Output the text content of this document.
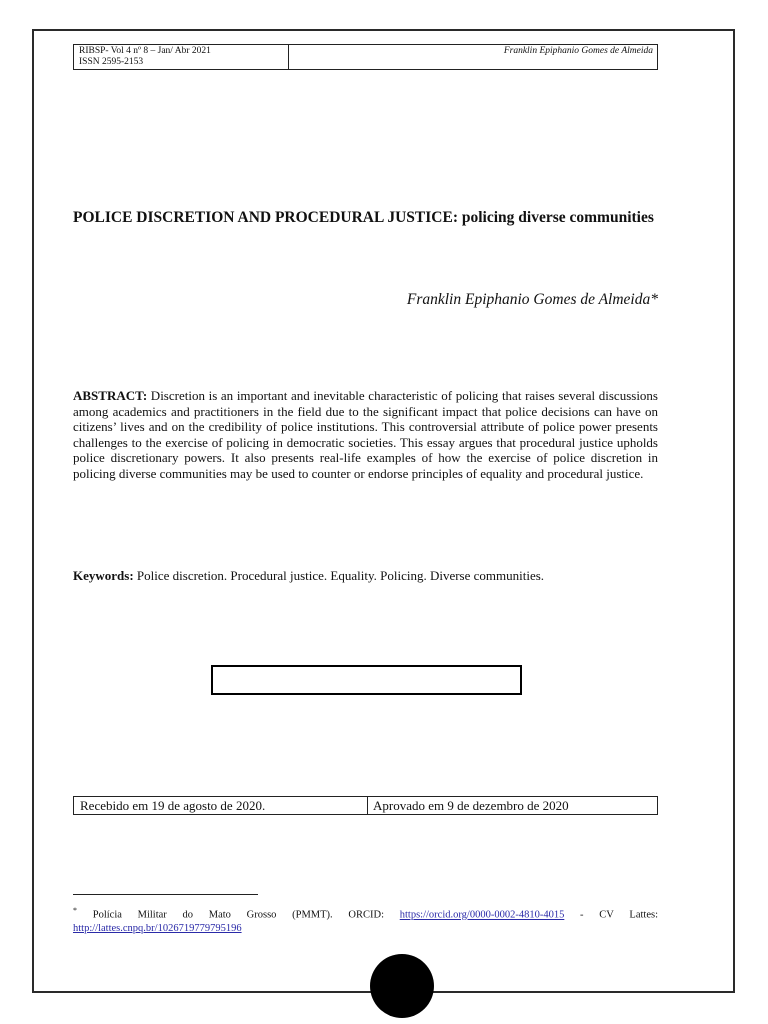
RIBSP- Vol 4 nº 8 – Jan/ Abr 2021
ISSN 2595-2153
Franklin Epiphanio Gomes de Almeida
POLICE DISCRETION AND PROCEDURAL JUSTICE: policing diverse communities
Franklin Epiphanio Gomes de Almeida*

ABSTRACT: Discretion is an important and inevitable characteristic of policing that raises several discussions among academics and practitioners in the field due to the significant impact that police decisions can have on citizens’ lives and on the credibility of police institutions. This controversial attribute of police power presents challenges to the exercise of policing in democratic societies. This essay argues that procedural justice upholds police discretionary powers. It also presents real-life examples of how the exercise of police discretion in policing diverse communities may be used to counter or endorse principles of equality and procedural justice.

Keywords: Police discretion. Procedural justice. Equality. Policing. Diverse communities.

Recebido em 19 de agosto de 2020.	Aprovado em 9 de dezembro de 2020

* Polícia Militar do Mato Grosso (PMMT). ORCID: https://orcid.org/0000-0002-4810-4015 - CV Lattes: http://lattes.cnpq.br/1026719779795196
